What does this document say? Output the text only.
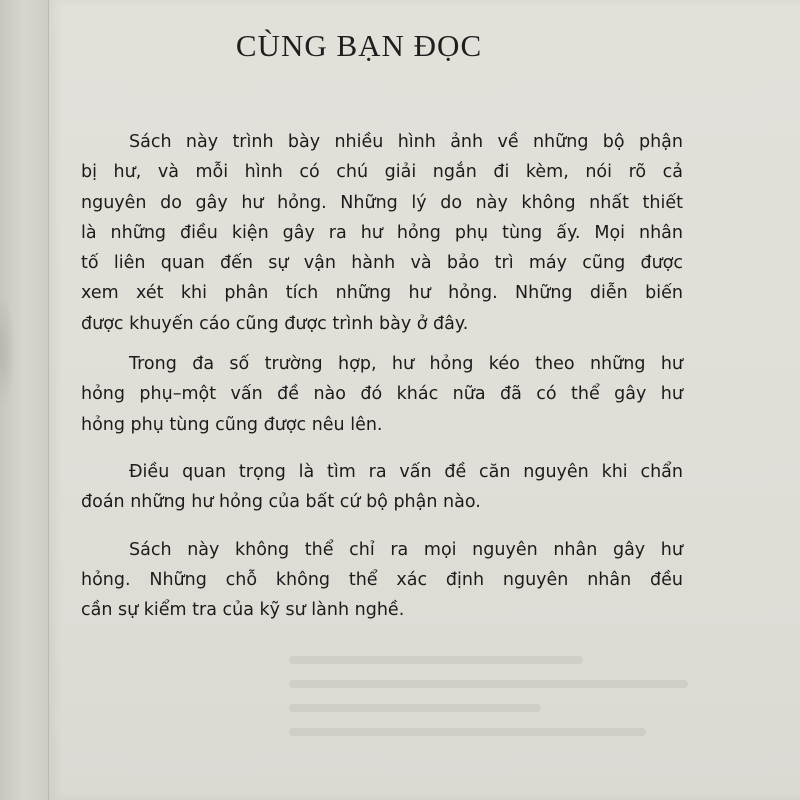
CÙNG BẠN ĐỌC

Sách này trình bày nhiều hình ảnh về những bộ phận
bị hư, và mỗi hình có chú giải ngắn đi kèm, nói rõ cả
nguyên do gây hư hỏng. Những lý do này không nhất thiết
là những điều kiện gây ra hư hỏng phụ tùng ấy. Mọi nhân
tố liên quan đến sự vận hành và bảo trì máy cũng được
xem xét khi phân tích những hư hỏng. Những diễn biến
được khuyến cáo cũng được trình bày ở đây.

Trong đa số trường hợp, hư hỏng kéo theo những hư
hỏng phụ–một vấn đề nào đó khác nữa đã có thể gây hư
hỏng phụ tùng cũng được nêu lên.

Điều quan trọng là tìm ra vấn đề căn nguyên khi chẩn
đoán những hư hỏng của bất cứ bộ phận nào.

Sách này không thể chỉ ra mọi nguyên nhân gây hư
hỏng. Những chỗ không thể xác định nguyên nhân đều
cần sự kiểm tra của kỹ sư lành nghề.
